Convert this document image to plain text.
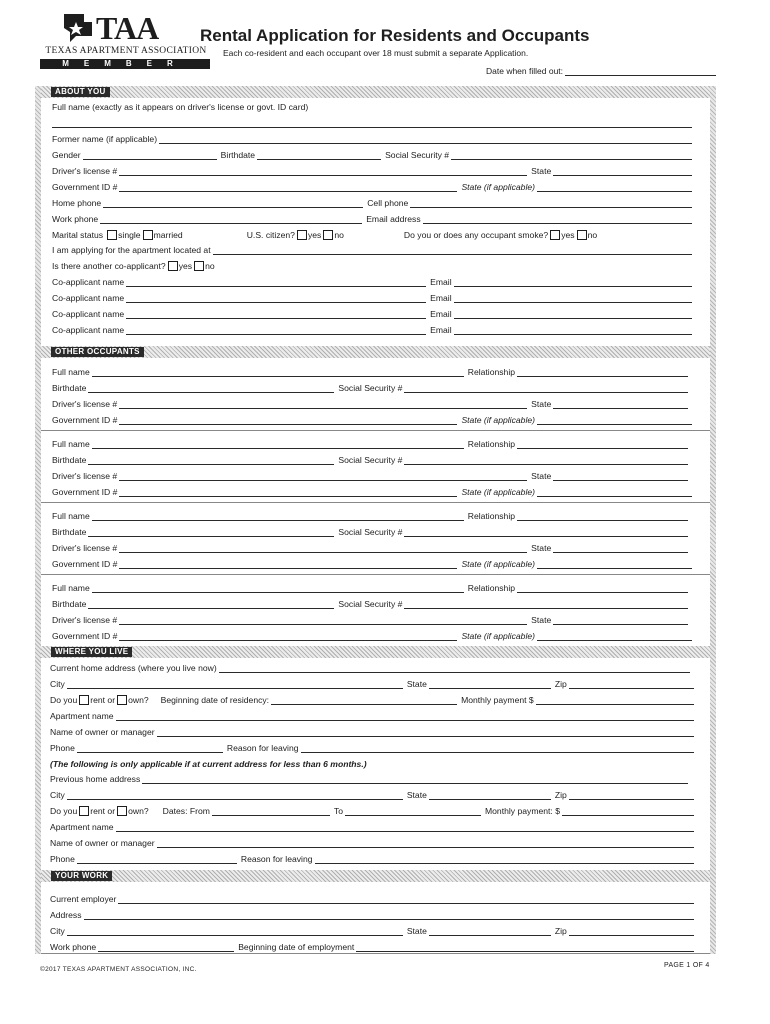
TAA
TEXAS APARTMENT ASSOCIATION
MEMBER
Rental Application for Residents and Occupants
Each co-resident and each occupant over 18 must submit a separate Application.
Date when filled out:
ABOUT YOU
Full name (exactly as it appears on driver's license or govt. ID card)
Former name (if applicable)
Gender	Birthdate	Social Security #
Driver's license #	State
Government ID #	State (if applicable)
Home phone	Cell phone
Work phone	Email address
Marital status single married	U.S. citizen? yes no	Do you or does any occupant smoke? yes no
I am applying for the apartment located at
Is there another co-applicant? yes no
Co-applicant name	Email
Co-applicant name	Email
Co-applicant name	Email
Co-applicant name	Email
OTHER OCCUPANTS
Full name	Relationship
Birthdate	Social Security #
Driver's license #	State
Government ID #	State (if applicable)
Full name	Relationship
Birthdate	Social Security #
Driver's license #	State
Government ID #	State (if applicable)
Full name	Relationship
Birthdate	Social Security #
Driver's license #	State
Government ID #	State (if applicable)
Full name	Relationship
Birthdate	Social Security #
Driver's license #	State
Government ID #	State (if applicable)
WHERE YOU LIVE
Current home address (where you live now)
City	State	Zip
Do you rent or own? Beginning date of residency:	Monthly payment $
Apartment name
Name of owner or manager
Phone	Reason for leaving
(The following is only applicable if at current address for less than 6 months.)
Previous home address
City	State	Zip
Do you rent or own? Dates: From	To	Monthly payment: $
Apartment name
Name of owner or manager
Phone	Reason for leaving
YOUR WORK
Current employer
Address
City	State	Zip
Work phone	Beginning date of employment
©2017 TEXAS APARTMENT ASSOCIATION, INC.
PAGE 1 OF 4
